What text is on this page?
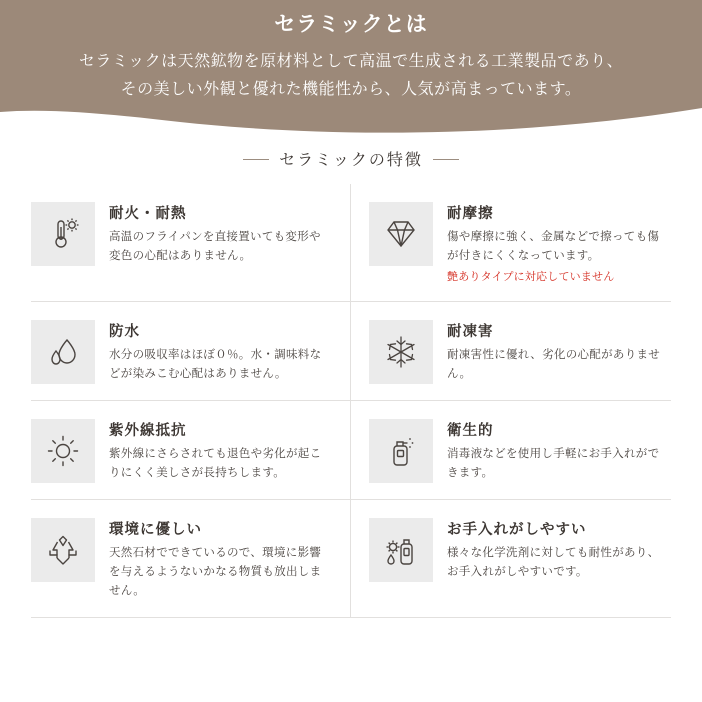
セラミックとは

セラミックは天然鉱物を原材料として高温で生成される工業製品であり、

その美しい外観と優れた機能性から、人気が高まっています。

セラミックの特徴

耐火・耐熱

高温のフライパンを直接置いても変形や変色の心配はありません。

耐摩擦

傷や摩擦に強く、金属などで擦っても傷が付きにくくなっています。

艶ありタイプに対応していません

防水

水分の吸収率はほぼ０％。水・調味料などが染みこむ心配はありません。

耐凍害

耐凍害性に優れ、劣化の心配がありません。

紫外線抵抗

紫外線にさらされても退色や劣化が起こりにくく美しさが長持ちします。

衛生的

消毒液などを使用し手軽にお手入れができます。

環境に優しい

天然石材でできているので、環境に影響を与えるようないかなる物質も放出しません。

お手入れがしやすい

様々な化学洗剤に対しても耐性があり、お手入れがしやすいです。
